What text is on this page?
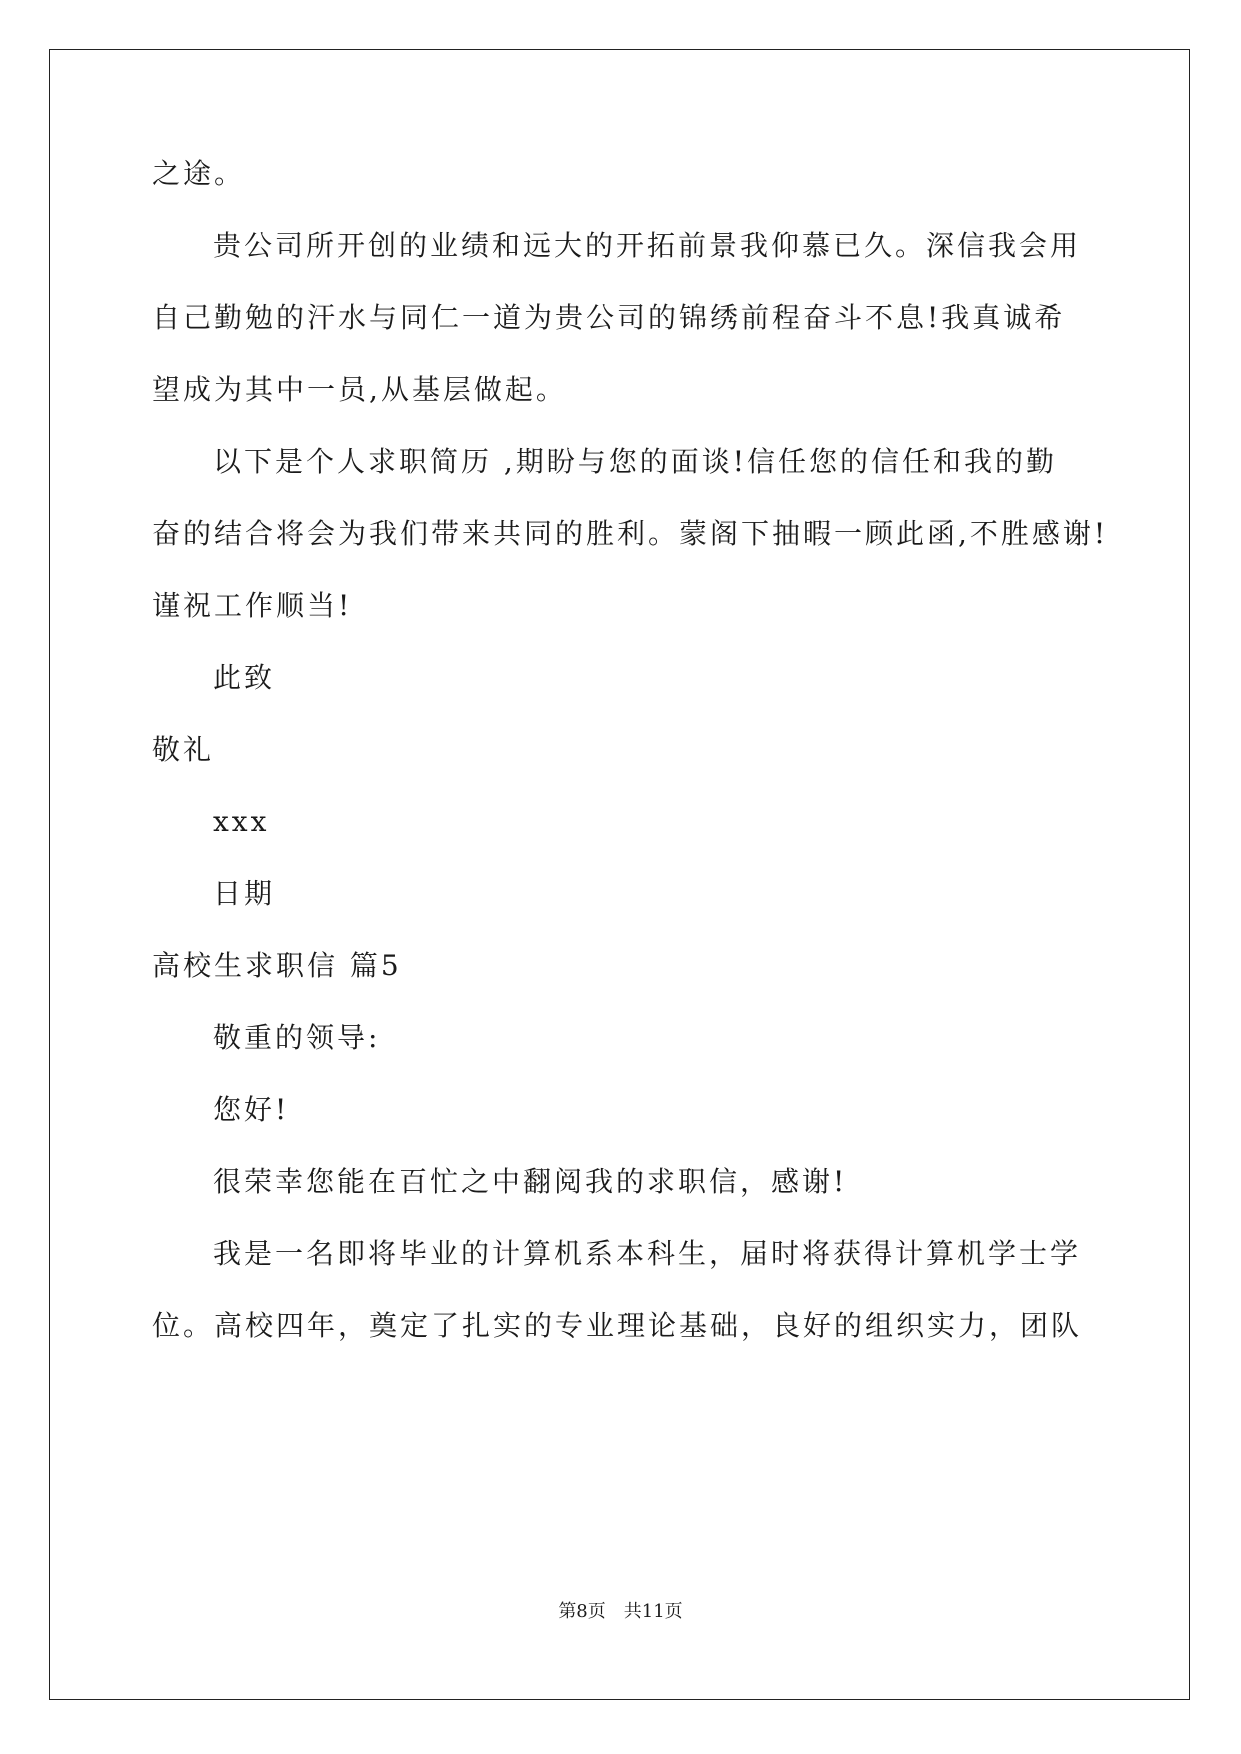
之途。
贵公司所开创的业绩和远大的开拓前景我仰慕已久。深信我会用
自己勤勉的汗水与同仁一道为贵公司的锦绣前程奋斗不息!我真诚希
望成为其中一员,从基层做起。
以下是个人求职简历 ,期盼与您的面谈!信任您的信任和我的勤
奋的结合将会为我们带来共同的胜利。蒙阁下抽暇一顾此函,不胜感谢!
谨祝工作顺当!
此致
敬礼
xxx
日期
高校生求职信 篇5
敬重的领导:
您好!
很荣幸您能在百忙之中翻阅我的求职信，感谢!
我是一名即将毕业的计算机系本科生，届时将获得计算机学士学
位。高校四年，奠定了扎实的专业理论基础，良好的组织实力，团队
第8页　共11页
